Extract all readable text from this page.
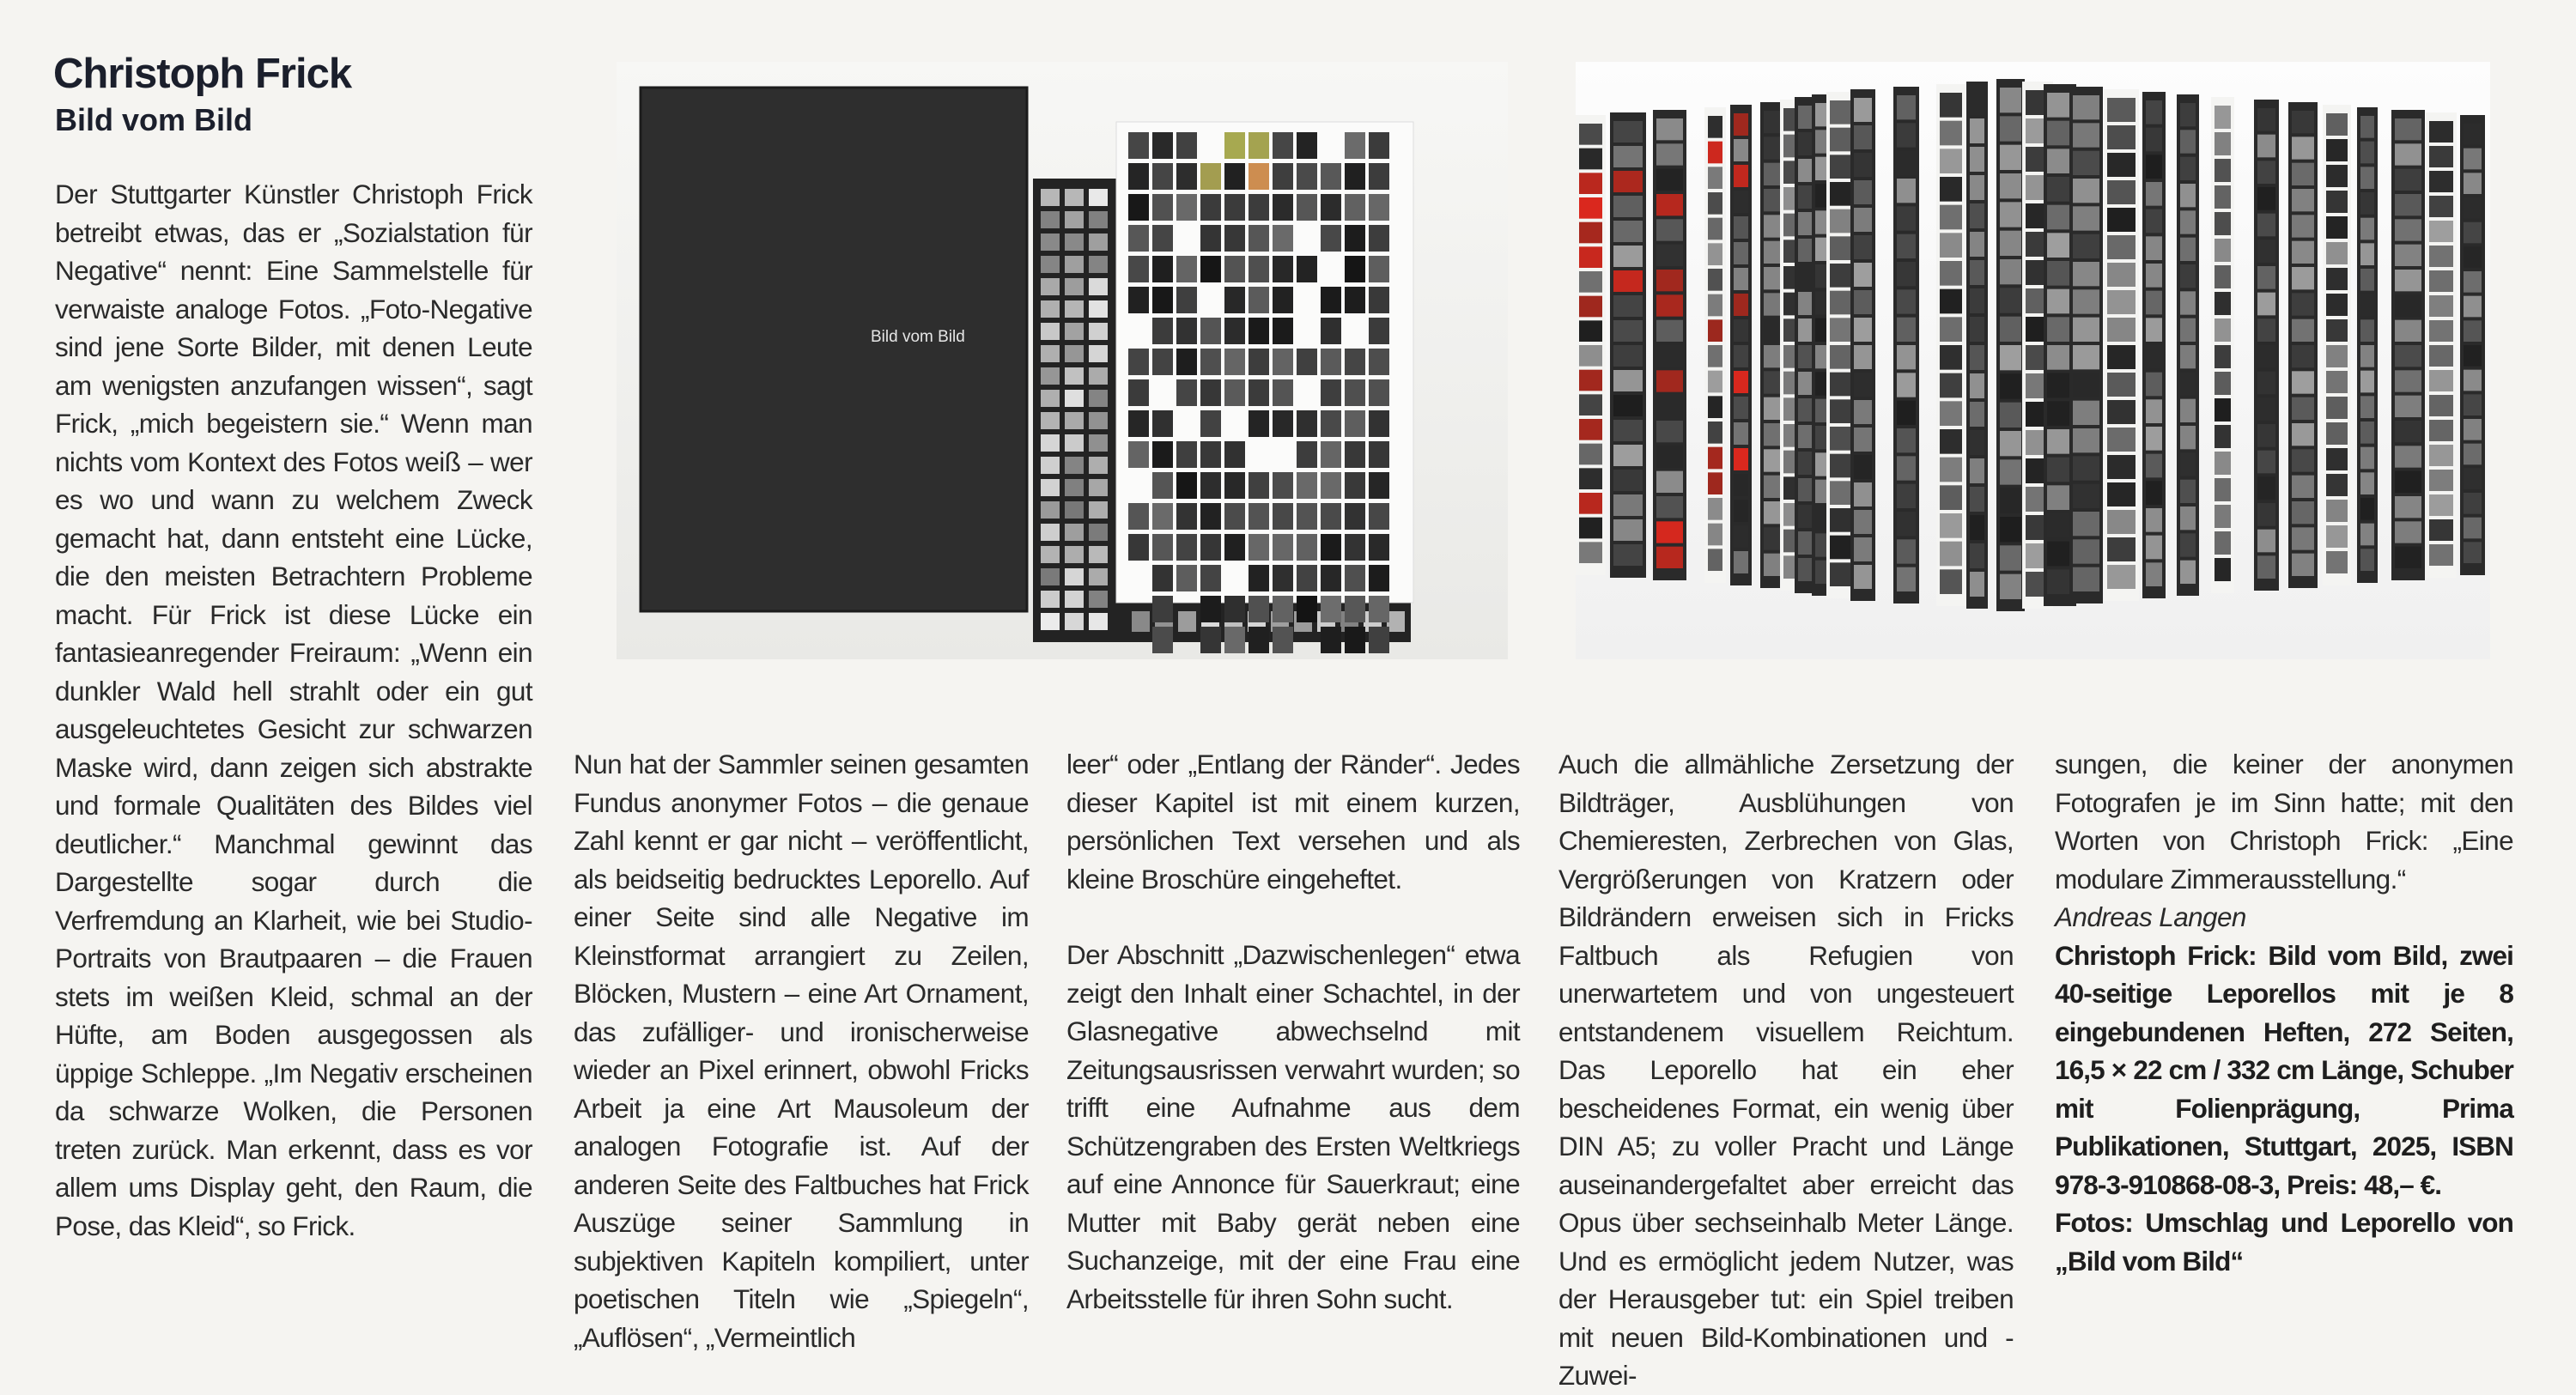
Christoph Frick
Bild vom Bild

Der Stuttgarter Künstler Christoph Frick betreibt etwas, das er „Sozialstation für Negative“ nennt: Eine Sammelstelle für verwaiste analoge Fotos. „Foto-Negative sind jene Sorte Bilder, mit denen Leute am wenigsten anzufangen wissen“, sagt Frick, „mich begeistern sie.“ Wenn man nichts vom Kontext des Fotos weiß – wer es wo und wann zu welchem Zweck gemacht hat, dann entsteht eine Lücke, die den meisten Betrachtern Probleme macht. Für Frick ist diese Lücke ein fantasieanregender Freiraum: „Wenn ein dunkler Wald hell strahlt oder ein gut ausgeleuchtetes Gesicht zur schwarzen Maske wird, dann zeigen sich abstrakte und formale Qualitäten des Bildes viel deutlicher.“ Manchmal gewinnt das Dargestellte sogar durch die Verfremdung an Klarheit, wie bei Studio-Portraits von Brautpaaren – die Frauen stets im weißen Kleid, schmal an der Hüfte, am Boden ausgegossen als üppige Schleppe. „Im Negativ erscheinen da schwarze Wolken, die Personen treten zurück. Man erkennt, dass es vor allem ums Display geht, den Raum, die Pose, das Kleid“, so Frick.

Bild vom Bild

Nun hat der Sammler seinen gesamten Fundus anonymer Fotos – die genaue Zahl kennt er gar nicht – veröffentlicht, als beidseitig bedrucktes Leporello. Auf einer Seite sind alle Negative im Kleinstformat arrangiert zu Zeilen, Blöcken, Mustern – eine Art Ornament, das zufälliger- und ironischerweise wieder an Pixel erinnert, obwohl Fricks Arbeit ja eine Art Mausoleum der analogen Fotografie ist. Auf der anderen Seite des Faltbuches hat Frick Auszüge seiner Sammlung in subjektiven Kapiteln kompiliert, unter poetischen Titeln wie „Spiegeln“, „Auflösen“, „Vermeintlich

leer“ oder „Entlang der Ränder“. Jedes dieser Kapitel ist mit einem kurzen, persönlichen Text versehen und als kleine Broschüre eingeheftet.

Der Abschnitt „Dazwischenlegen“ etwa zeigt den Inhalt einer Schachtel, in der Glasnegative abwechselnd mit Zeitungsausrissen verwahrt wurden; so trifft eine Aufnahme aus dem Schützengraben des Ersten Weltkriegs auf eine Annonce für Sauerkraut; eine Mutter mit Baby gerät neben eine Suchanzeige, mit der eine Frau eine Arbeitsstelle für ihren Sohn sucht.

Auch die allmähliche Zersetzung der Bildträger, Ausblühungen von Chemieresten, Zerbrechen von Glas, Vergrößerungen von Kratzern oder Bildrändern erweisen sich in Fricks Faltbuch als Refugien von unerwartetem und von ungesteuert entstandenem visuellem Reichtum. Das Leporello hat ein eher bescheidenes Format, ein wenig über DIN A5; zu voller Pracht und Länge auseinandergefaltet aber erreicht das Opus über sechseinhalb Meter Länge. Und es ermöglicht jedem Nutzer, was der Herausgeber tut: ein Spiel treiben mit neuen Bild-Kombinationen und -Zuwei-

sungen, die keiner der anonymen Fotografen je im Sinn hatte; mit den Worten von Christoph Frick: „Eine modulare Zimmerausstellung.“

Andreas Langen

Christoph Frick: Bild vom Bild, zwei 40-seitige Leporellos mit je 8 eingebundenen Heften, 272 Seiten, 16,5 × 22 cm / 332 cm Länge, Schuber mit Folienprägung, Prima Publikationen, Stuttgart, 2025, ISBN 978-3-910868-08-3, Preis: 48,– €.

Fotos: Umschlag und Leporello von „Bild vom Bild“
